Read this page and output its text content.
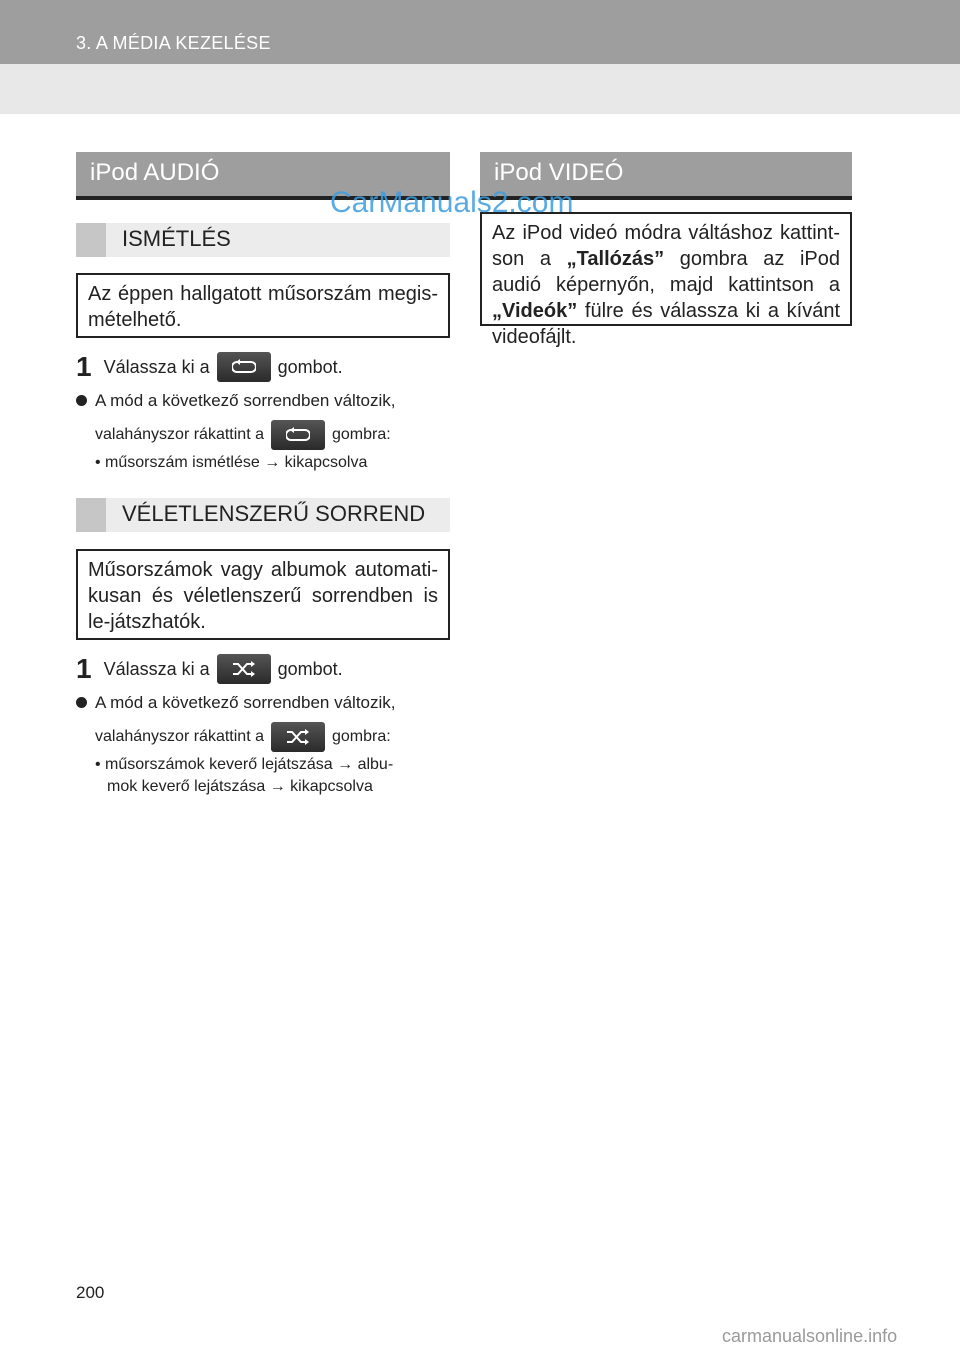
3. A MÉDIA KEZELÉSE
iPod AUDIÓ
ISMÉTLÉS
Az éppen hallgatott műsorszám megis-mételhető.
1 Válassza ki a	gombot.
A mód a következő sorrendben változik,
valahányszor rákattint a	gombra:
• műsorszám ismétlése → kikapcsolva
VÉLETLENSZERŰ SORREND
Műsorszámok vagy albumok automati-kusan és véletlenszerű sorrendben is le-játszhatók.
1 Válassza ki a	gombot.
A mód a következő sorrendben változik,
valahányszor rákattint a	gombra:
• műsorszámok keverő lejátszása → albu-
mok keverő lejátszása → kikapcsolva
iPod VIDEÓ
Az iPod videó módra váltáshoz kattint-son a „Tallózás” gombra az iPod audió képernyőn, majd kattintson a „Videók” fülre és válassza ki a kívánt videofájlt.
CarManuals2.com
200
carmanualsonline.info
